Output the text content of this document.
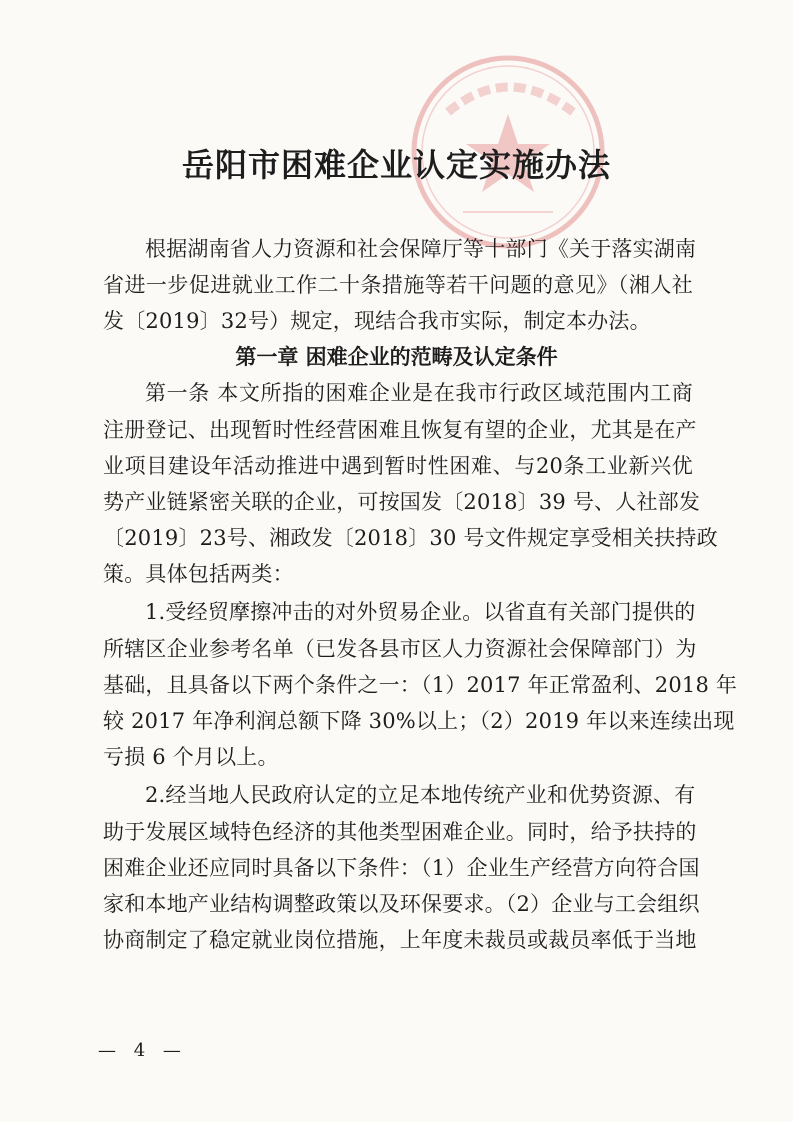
岳阳市困难企业认定实施办法
根据湖南省人力资源和社会保障厅等十部门《关于落实湖南
省进一步促进就业工作二十条措施等若干问题的意见》（湘人社
发〔2019〕32号）规定，现结合我市实际，制定本办法。
第一章 困难企业的范畴及认定条件
第一条 本文所指的困难企业是在我市行政区域范围内工商
注册登记、出现暂时性经营困难且恢复有望的企业，尤其是在产
业项目建设年活动推进中遇到暂时性困难、与20条工业新兴优
势产业链紧密关联的企业，可按国发〔2018〕39 号、人社部发
〔2019〕23号、湘政发〔2018〕30 号文件规定享受相关扶持政
策。具体包括两类：
1.受经贸摩擦冲击的对外贸易企业。以省直有关部门提供的
所辖区企业参考名单（已发各县市区人力资源社会保障部门）为
基础，且具备以下两个条件之一：（1）2017 年正常盈利、2018 年
较 2017 年净利润总额下降 30%以上；（2）2019 年以来连续出现
亏损 6 个月以上。
2.经当地人民政府认定的立足本地传统产业和优势资源、有
助于发展区域特色经济的其他类型困难企业。同时，给予扶持的
困难企业还应同时具备以下条件：（1）企业生产经营方向符合国
家和本地产业结构调整政策以及环保要求。（2）企业与工会组织
协商制定了稳定就业岗位措施，上年度未裁员或裁员率低于当地
— 4 —
